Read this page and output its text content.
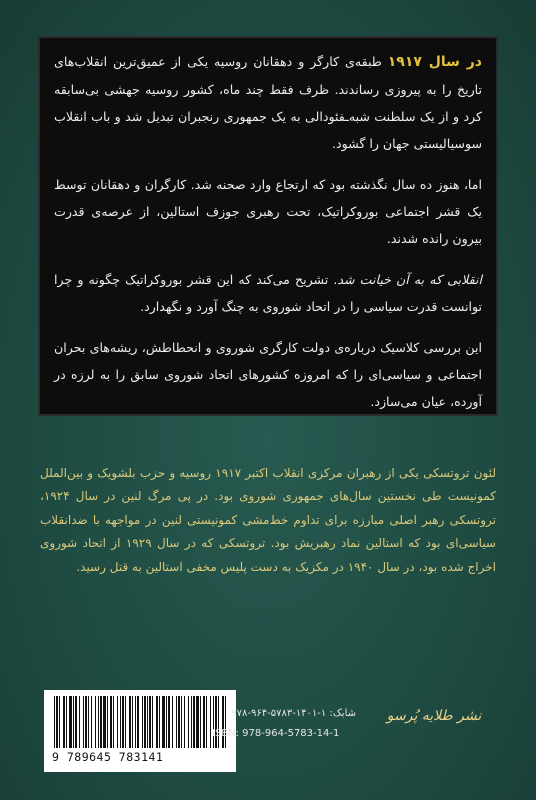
در سال ۱۹۱۷ طبقه‌ی کارگر و دهقانان روسیه یکی از عمیق‌ترین انقلاب‌های تاریخ را به پیروزی رساندند. ظرف فقط چند ماه، کشور روسیه جهشی بی‌سابقه کرد و از یک سلطنت شبه‌ـفئودالی به یک جمهوری رنجبران تبدیل شد و باب انقلاب سوسیالیستی جهان را گشود.

اما، هنوز ده سال نگذشته بود که ارتجاع وارد صحنه شد. کارگران و دهقانان توسط یک قشر اجتماعی بوروکراتیک، تحت رهبری جوزف استالین، از عرصه‌ی قدرت بیرون رانده شدند.

انقلابی که به آن خیانت شد. تشریح می‌کند که این قشر بوروکراتیک چگونه و چرا توانست قدرت سیاسی را در اتحاد شوروی به چنگ آورد و نگهدارد.

این بررسی کلاسیک درباره‌ی دولت کارگری شوروی و انحطاطش، ریشه‌های بحران اجتماعی و سیاسی‌ای را که امروزه کشورهای اتحاد شوروی سابق را به لرزه در آورده، عیان می‌سازد.

لئون تروتسکی یکی از رهبران مرکزی انقلاب اکتبر ۱۹۱۷ روسیه و حزب بلشویک و بین‌الملل کمونیست طی نخستین سال‌های جمهوری شوروی بود. در پی مرگ لنین در سال ۱۹۲۴، تروتسکی رهبر اصلی مبارزه برای تداوم خط‌مشی کمونیستی لنین در مواجهه با ضدانقلاب سیاسی‌ای بود که استالین نماد رهبریش بود. تروتسکی که در سال ۱۹۲۹ از اتحاد شوروی اخراج شده بود، در سال ۱۹۴۰ در مکزیک به دست پلیس مخفی استالین به قتل رسید.
9 789645 783141
شابک: ۱-۱۴۰۱-۵۷۸۳-۹۶۴-۹۷۸
ISBN: 978-964-5783-14-1
نشر طلایه پُرسو
